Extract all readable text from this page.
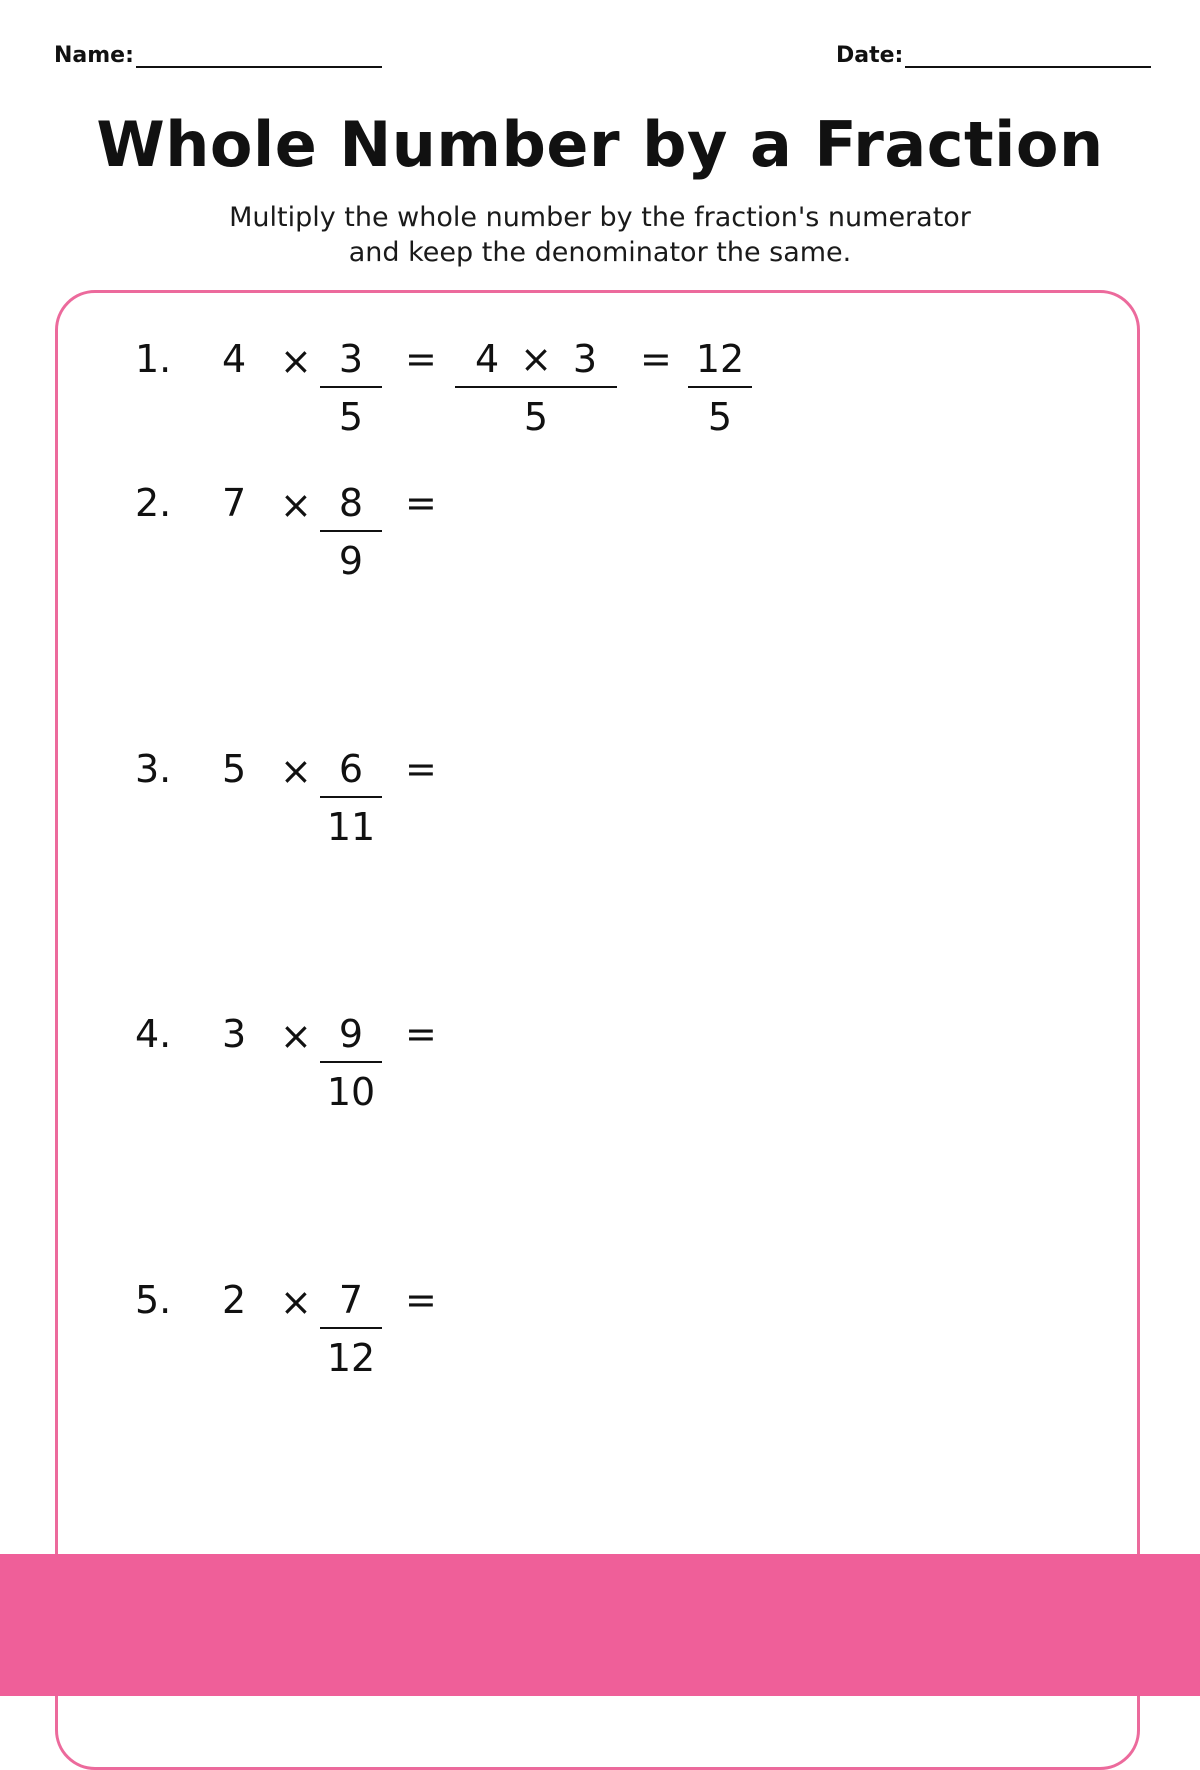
Name:	Date:
Whole Number by a Fraction
Multiply the whole number by the fraction's numerator
and keep the denominator the same.
1. 4 × 3
5
= 4 × 3
5
= 12
5
2. 7 × 8
9
=
3. 5 × 6
11
=
4. 3 × 9
10
=
5. 2 × 7
12
=
